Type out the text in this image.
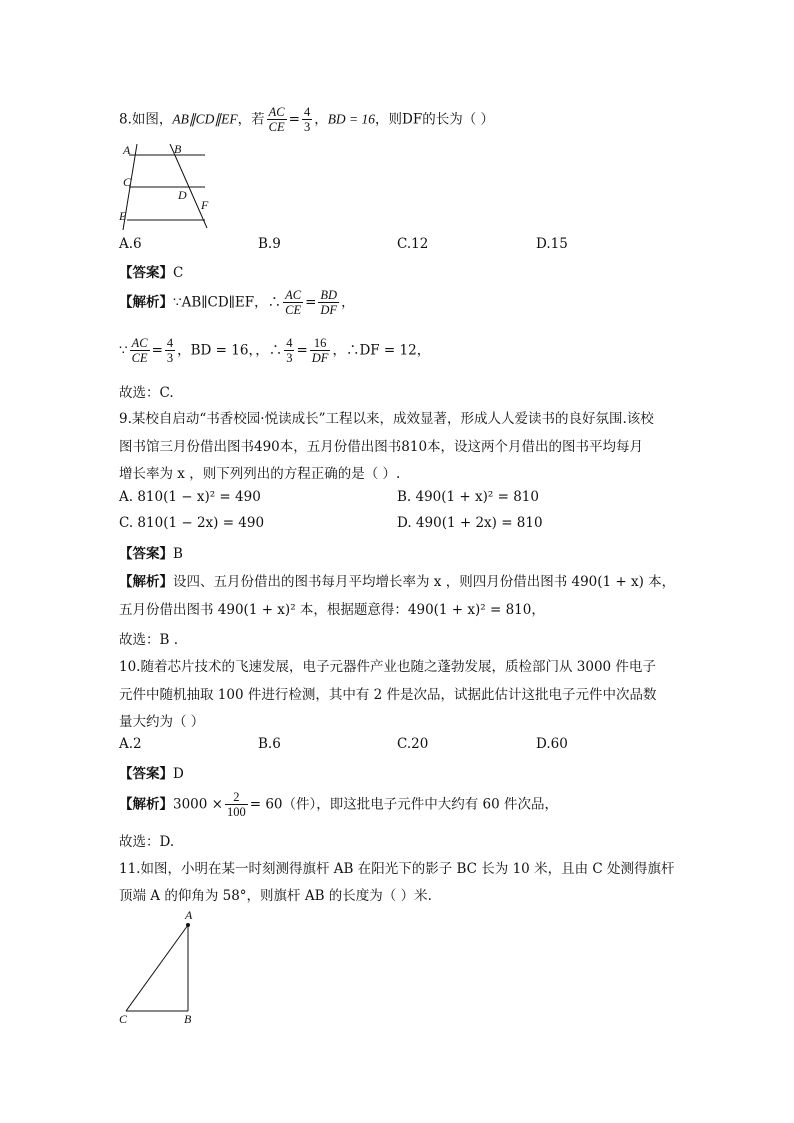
8.如图，AB∥CD∥EF，若 $\frac{AC}{CE} = \frac{4}{3}$ ，BD = 16，则DF的长为（ ）
A	B
C
D
E
F
A.6	B.9	C.12	D.15
【答案】C
【解析】∵AB∥CD∥EF，∴ $\frac{AC}{CE} = \frac{BD}{DF}$ ，
∵ $\frac{AC}{CE} = \frac{4}{3}$ ，BD = 16，，∴ $\frac{4}{3} = \frac{16}{DF}$ ，∴DF = 12，
故选：C.
9.某校自启动“书香校园·悦读成长”工程以来，成效显著，形成人人爱读书的良好氛围.该校
图书馆三月份借出图书490本，五月份借出图书810本，设这两个月借出的图书平均每月
增长率为 x ，则下列列出的方程正确的是（ ）.
A. 810(1 − x)² = 490	B. 490(1 + x)² = 810
C. 810(1 − 2x) = 490	D. 490(1 + 2x) = 810
【答案】B
【解析】设四、五月份借出的图书每月平均增长率为 x ，则四月份借出图书 490(1 + x) 本，
五月份借出图书 490(1 + x)² 本，根据题意得：490(1 + x)² = 810，
故选：B .
10.随着芯片技术的飞速发展，电子元器件产业也随之蓬勃发展，质检部门从 3000 件电子
元件中随机抽取 100 件进行检测，其中有 2 件是次品，试据此估计这批电子元件中次品数
量大约为（ ）
A.2	B.6	C.20	D.60
【答案】D
【解析】$3000 \times \frac{2}{100} = 60$（件），即这批电子元件中大约有 60 件次品，
故选：D.
11.如图，小明在某一时刻测得旗杆 AB 在阳光下的影子 BC 长为 10 米，且由 C 处测得旗杆
顶端 A 的仰角为 58°，则旗杆 AB 的长度为（ ）米.
A
C	B
